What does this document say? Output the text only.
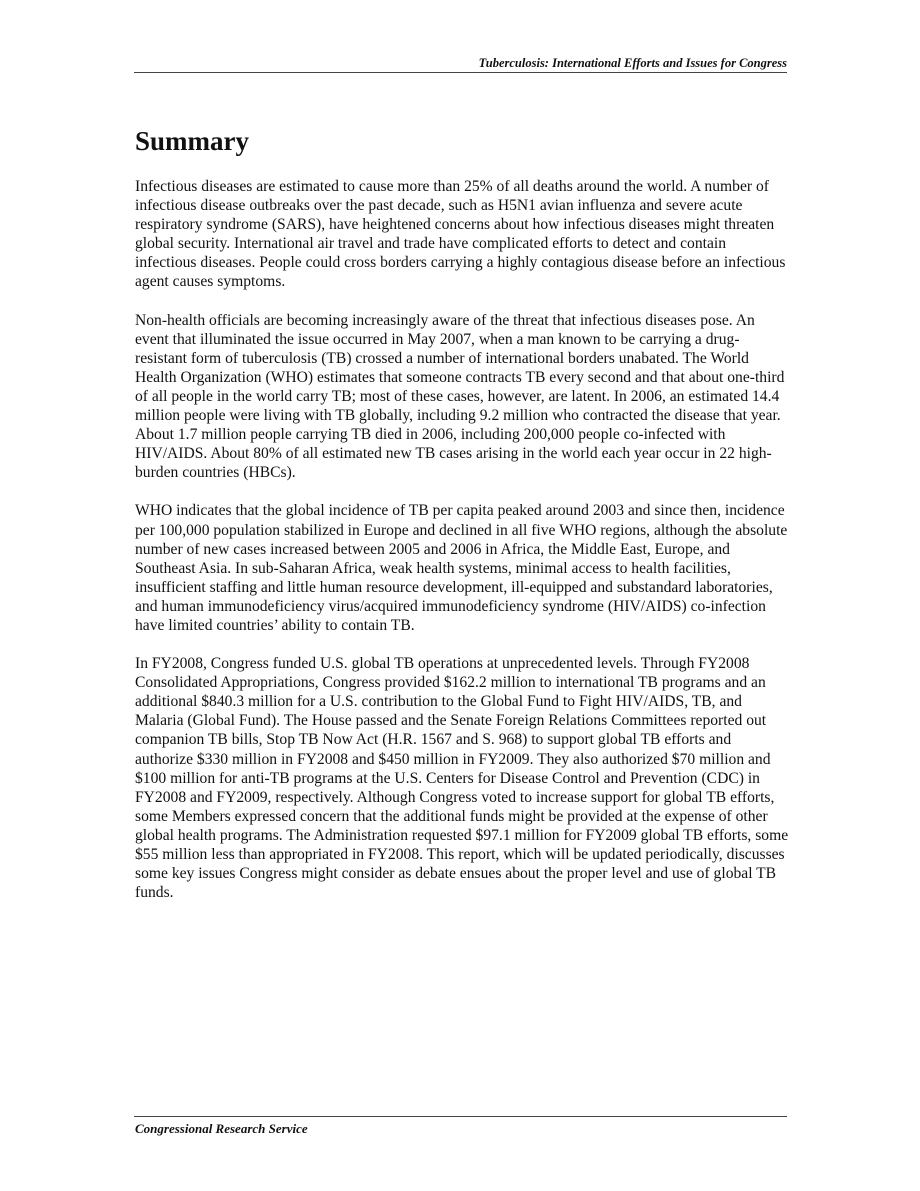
Tuberculosis: International Efforts and Issues for Congress
Summary

Infectious diseases are estimated to cause more than 25% of all deaths around the world. A number of infectious disease outbreaks over the past decade, such as H5N1 avian influenza and severe acute respiratory syndrome (SARS), have heightened concerns about how infectious diseases might threaten global security. International air travel and trade have complicated efforts to detect and contain infectious diseases. People could cross borders carrying a highly contagious disease before an infectious agent causes symptoms.

Non-health officials are becoming increasingly aware of the threat that infectious diseases pose. An event that illuminated the issue occurred in May 2007, when a man known to be carrying a drug-resistant form of tuberculosis (TB) crossed a number of international borders unabated. The World Health Organization (WHO) estimates that someone contracts TB every second and that about one-third of all people in the world carry TB; most of these cases, however, are latent. In 2006, an estimated 14.4 million people were living with TB globally, including 9.2 million who contracted the disease that year. About 1.7 million people carrying TB died in 2006, including 200,000 people co-infected with HIV/AIDS. About 80% of all estimated new TB cases arising in the world each year occur in 22 high-burden countries (HBCs).

WHO indicates that the global incidence of TB per capita peaked around 2003 and since then, incidence per 100,000 population stabilized in Europe and declined in all five WHO regions, although the absolute number of new cases increased between 2005 and 2006 in Africa, the Middle East, Europe, and Southeast Asia. In sub-Saharan Africa, weak health systems, minimal access to health facilities, insufficient staffing and little human resource development, ill-equipped and substandard laboratories, and human immunodeficiency virus/acquired immunodeficiency syndrome (HIV/AIDS) co-infection have limited countries’ ability to contain TB.

In FY2008, Congress funded U.S. global TB operations at unprecedented levels. Through FY2008 Consolidated Appropriations, Congress provided $162.2 million to international TB programs and an additional $840.3 million for a U.S. contribution to the Global Fund to Fight HIV/AIDS, TB, and Malaria (Global Fund). The House passed and the Senate Foreign Relations Committees reported out companion TB bills, Stop TB Now Act (H.R. 1567 and S. 968) to support global TB efforts and authorize $330 million in FY2008 and $450 million in FY2009. They also authorized $70 million and $100 million for anti-TB programs at the U.S. Centers for Disease Control and Prevention (CDC) in FY2008 and FY2009, respectively. Although Congress voted to increase support for global TB efforts, some Members expressed concern that the additional funds might be provided at the expense of other global health programs. The Administration requested $97.1 million for FY2009 global TB efforts, some $55 million less than appropriated in FY2008. This report, which will be updated periodically, discusses some key issues Congress might consider as debate ensues about the proper level and use of global TB funds.

Congressional Research Service
